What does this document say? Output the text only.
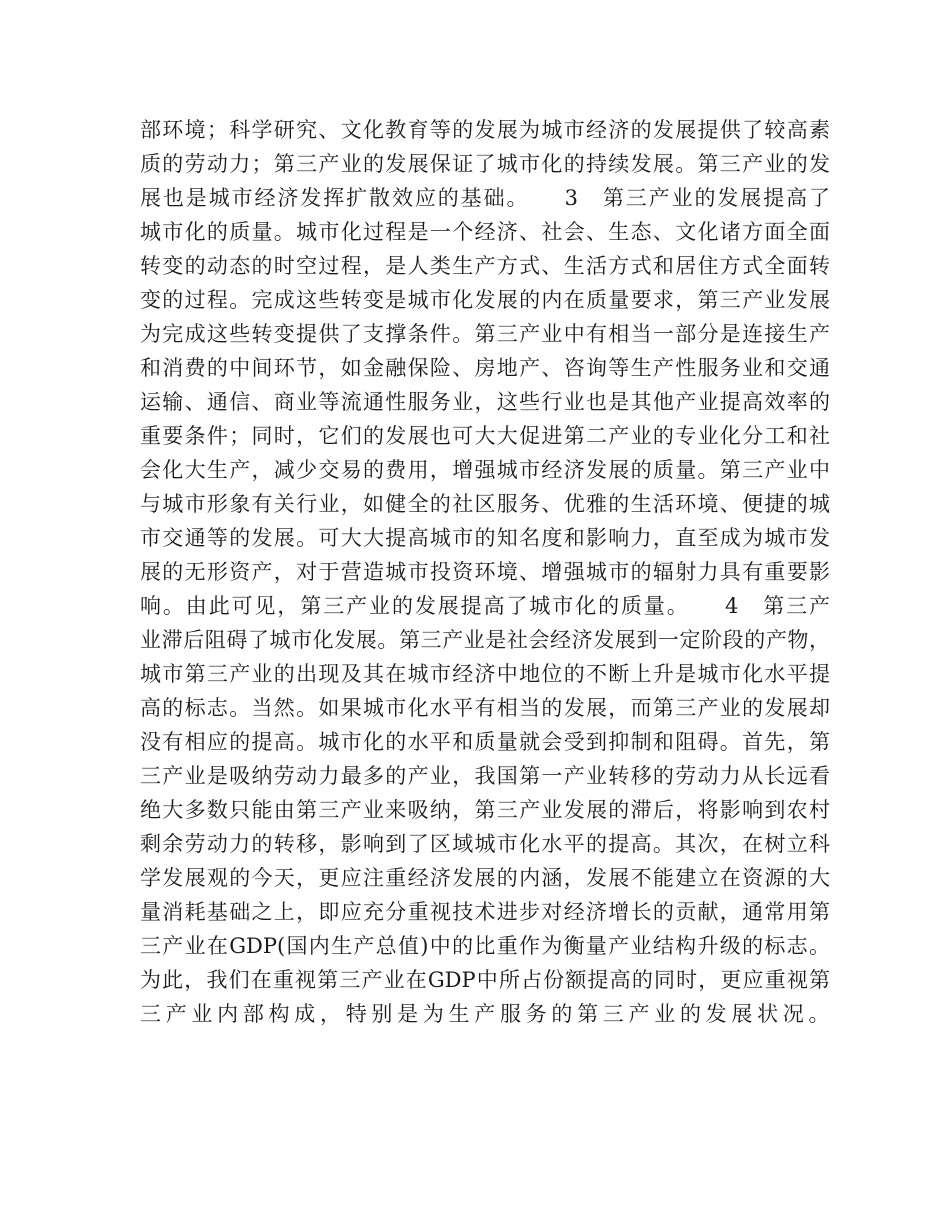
部环境；科学研究、文化教育等的发展为城市经济的发展提供了较高素
质的劳动力；第三产业的发展保证了城市化的持续发展。第三产业的发
展也是城市经济发挥扩散效应的基础。　　3　第三产业的发展提高了
城市化的质量。城市化过程是一个经济、社会、生态、文化诸方面全面
转变的动态的时空过程，是人类生产方式、生活方式和居住方式全面转
变的过程。完成这些转变是城市化发展的内在质量要求，第三产业发展
为完成这些转变提供了支撑条件。第三产业中有相当一部分是连接生产
和消费的中间环节，如金融保险、房地产、咨询等生产性服务业和交通
运输、通信、商业等流通性服务业，这些行业也是其他产业提高效率的
重要条件；同时，它们的发展也可大大促进第二产业的专业化分工和社
会化大生产，减少交易的费用，增强城市经济发展的质量。第三产业中
与城市形象有关行业，如健全的社区服务、优雅的生活环境、便捷的城
市交通等的发展。可大大提高城市的知名度和影响力，直至成为城市发
展的无形资产，对于营造城市投资环境、增强城市的辐射力具有重要影
响。由此可见，第三产业的发展提高了城市化的质量。　　4　第三产
业滞后阻碍了城市化发展。第三产业是社会经济发展到一定阶段的产物，
城市第三产业的出现及其在城市经济中地位的不断上升是城市化水平提
高的标志。当然。如果城市化水平有相当的发展，而第三产业的发展却
没有相应的提高。城市化的水平和质量就会受到抑制和阻碍。首先，第
三产业是吸纳劳动力最多的产业，我国第一产业转移的劳动力从长远看
绝大多数只能由第三产业来吸纳，第三产业发展的滞后，将影响到农村
剩余劳动力的转移，影响到了区域城市化水平的提高。其次，在树立科
学发展观的今天，更应注重经济发展的内涵，发展不能建立在资源的大
量消耗基础之上，即应充分重视技术进步对经济增长的贡献，通常用第
三产业在GDP(国内生产总值)中的比重作为衡量产业结构升级的标志。
为此，我们在重视第三产业在GDP中所占份额提高的同时，更应重视第
三产业内部构成，特别是为生产服务的第三产业的发展状况。
